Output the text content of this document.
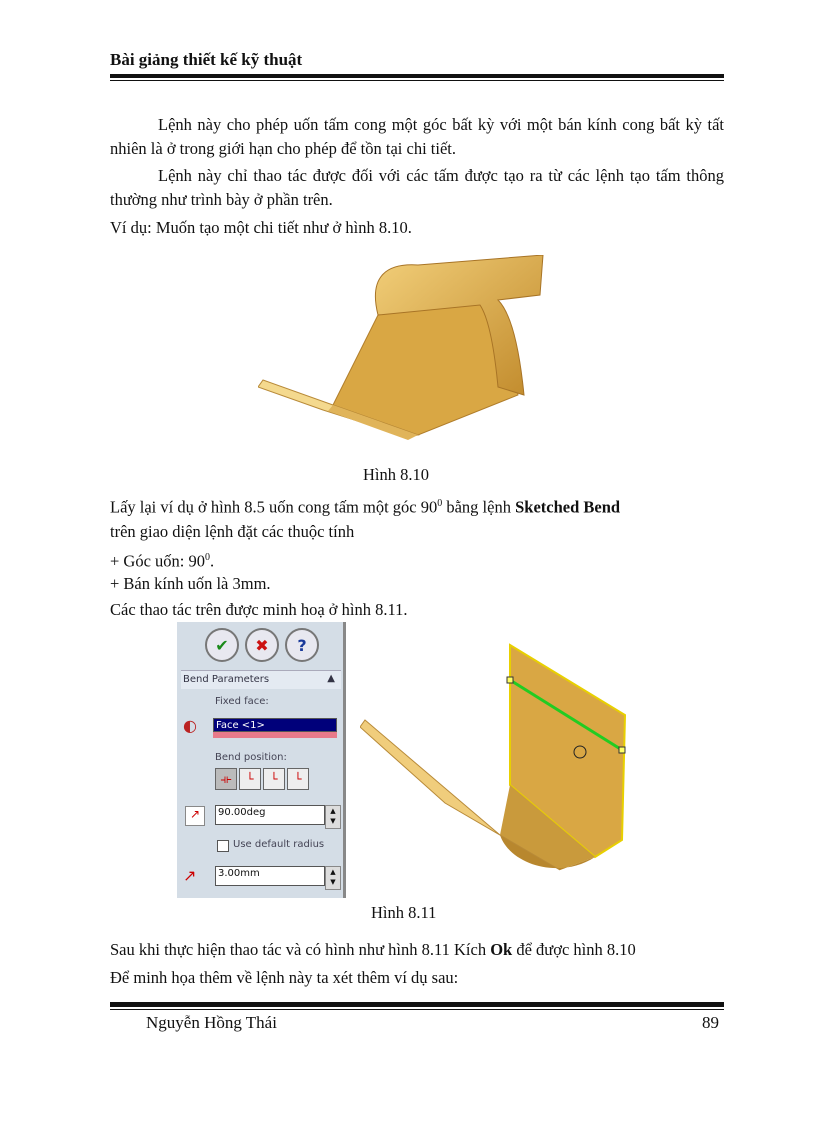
Bài giảng thiết kế kỹ thuật

Lệnh này cho phép uốn tấm cong một góc bất kỳ với một bán kính cong bất kỳ tất nhiên là ở trong giới hạn cho phép để tồn tại chi tiết.

Lệnh này chỉ thao tác được đối với các tấm được tạo ra từ các lệnh tạo tấm thông thường như trình bày ở phần trên.

Ví dụ: Muốn tạo một chi tiết như ở hình 8.10.

Hình 8.10

Lấy lại ví dụ ở hình 8.5 uốn cong tấm một góc $90^0$ bằng lệnh Sketched Bend

trên giao diện lệnh đặt các thuộc tính

+ Góc uốn: $90^0$.

+ Bán kính uốn là 3mm.

Các thao tác trên được minh hoạ ở hình 8.11.

✔ ✖ ?
Bend Parameters	▲
Fixed face:
◐	Face <1>
Bend position:
⟛	└	└	└
↗	90.00deg	▲
▼
Use default radius
↗	3.00mm	▲
▼
Hình 8.11

Sau khi thực hiện thao tác và có hình như hình 8.11 Kích Ok để được hình 8.10

Để minh họa thêm về lệnh này ta xét thêm ví dụ sau:

Nguyễn Hồng Thái	89
